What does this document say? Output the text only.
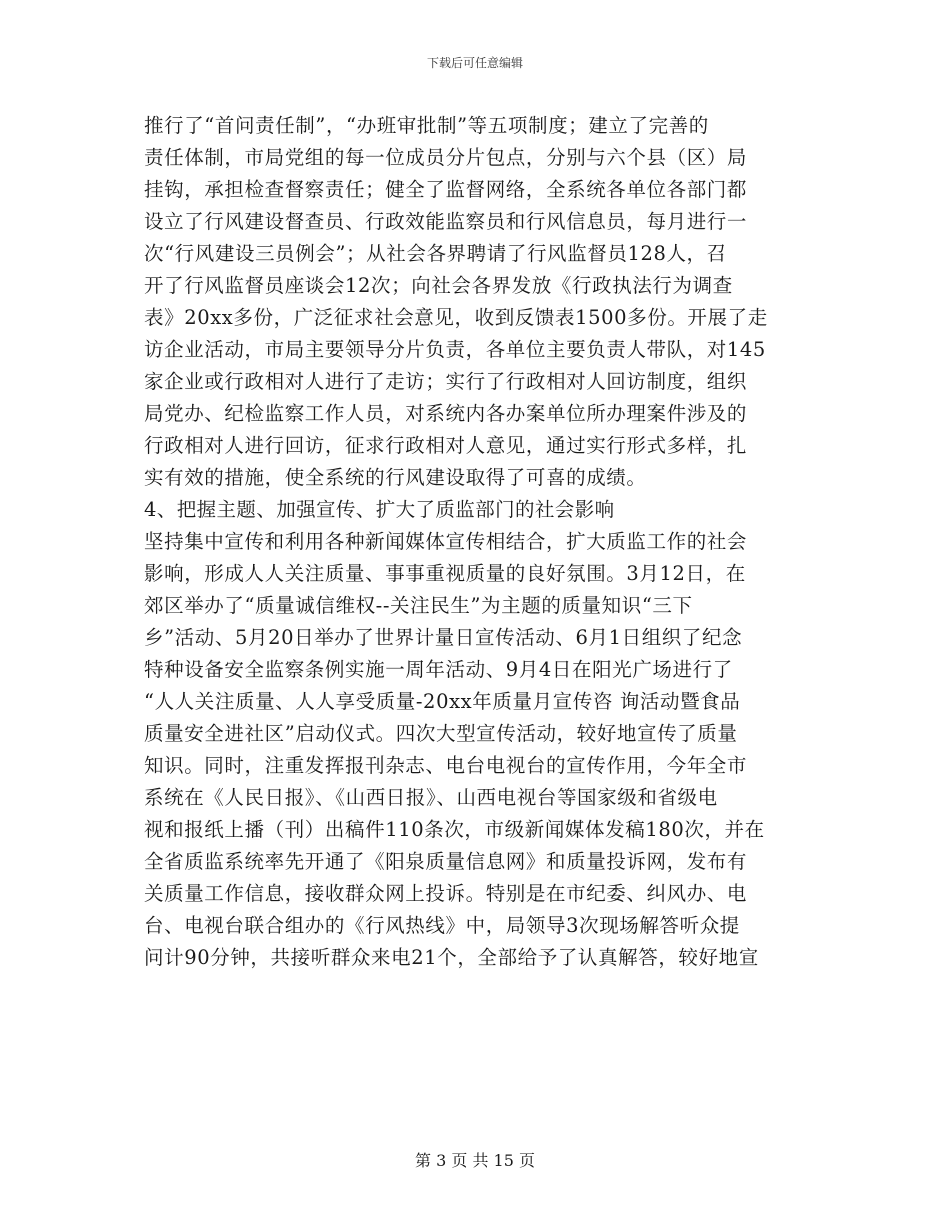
下载后可任意编辑
推行了“首问责任制”，“办班审批制”等五项制度；建立了完善的
责任体制，市局党组的每一位成员分片包点，分别与六个县（区）局
挂钩，承担检查督察责任；健全了监督网络，全系统各单位各部门都
设立了行风建设督查员、行政效能监察员和行风信息员，每月进行一
次“行风建设三员例会”；从社会各界聘请了行风监督员128人，召
开了行风监督员座谈会12次；向社会各界发放《行政执法行为调查
表》20xx多份，广泛征求社会意见，收到反馈表1500多份。开展了走
访企业活动，市局主要领导分片负责，各单位主要负责人带队，对145
家企业或行政相对人进行了走访；实行了行政相对人回访制度，组织
局党办、纪检监察工作人员，对系统内各办案单位所办理案件涉及的
行政相对人进行回访，征求行政相对人意见，通过实行形式多样，扎
实有效的措施，使全系统的行风建设取得了可喜的成绩。
4、把握主题、加强宣传、扩大了质监部门的社会影响
坚持集中宣传和利用各种新闻媒体宣传相结合，扩大质监工作的社会
影响，形成人人关注质量、事事重视质量的良好氛围。3月12日，在
郊区举办了“质量诚信维权--关注民生”为主题的质量知识“三下
乡”活动、5月20日举办了世界计量日宣传活动、6月1日组织了纪念
特种设备安全监察条例实施一周年活动、9月4日在阳光广场进行了
“人人关注质量、人人享受质量-20xx年质量月宣传咨 询活动暨食品
质量安全进社区”启动仪式。四次大型宣传活动，较好地宣传了质量
知识。同时，注重发挥报刊杂志、电台电视台的宣传作用，今年全市
系统在《人民日报》、《山西日报》、山西电视台等国家级和省级电
视和报纸上播（刊）出稿件110条次，市级新闻媒体发稿180次，并在
全省质监系统率先开通了《阳泉质量信息网》和质量投诉网，发布有
关质量工作信息，接收群众网上投诉。特别是在市纪委、纠风办、电
台、电视台联合组办的《行风热线》中，局领导3次现场解答听众提
问计90分钟，共接听群众来电21个，全部给予了认真解答，较好地宣
第 3 页 共 15 页
